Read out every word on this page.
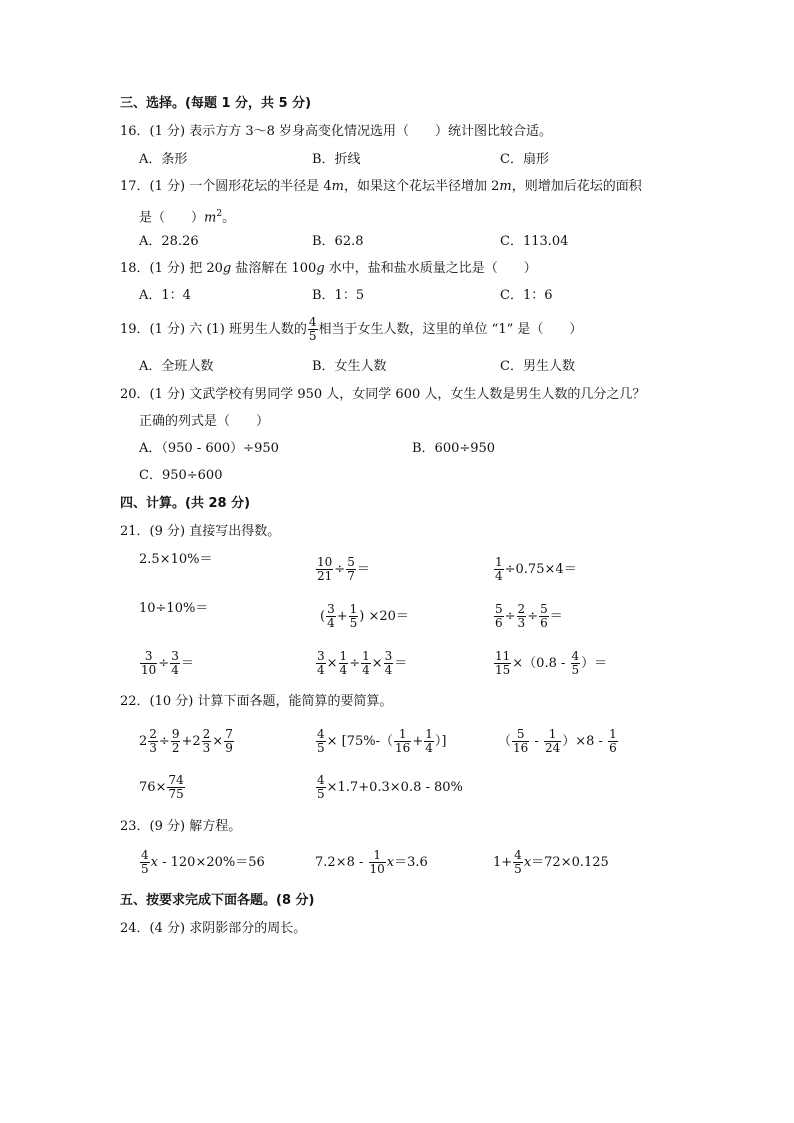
三、选择。(每题 1 分，共 5 分)
16．(1 分) 表示方方 3～8 岁身高变化情况选用（　　）统计图比较合适。
A．条形	B．折线	C．扇形
17．(1 分) 一个圆形花坛的半径是 4m，如果这个花坛半径增加 2m，则增加后花坛的面积
是（　　）$m^2$。
A．28.26	B．62.8	C．113.04
18．(1 分) 把 20g 盐溶解在 100g 水中，盐和盐水质量之比是（　　）
A．1：4	B．1：5	C．1：6
19．(1 分) 六 (1) 班男生人数的 $\frac{4}{5}$ 相当于女生人数，这里的单位 “1” 是（　　）
A．全班人数	B．女生人数	C．男生人数
20．(1 分) 文武学校有男同学 950 人，女同学 600 人，女生人数是男生人数的几分之几？
正确的列式是（　　）
A．（950 - 600）÷950	B．600÷950
C．950÷600
四、计算。(共 28 分)
21．(9 分) 直接写出得数。
2.5×10%＝	$\frac{10}{21} \div \frac{5}{7}$ ＝	$\frac{1}{4} \div 0.75\times 4=$
10÷10%＝
( $\frac{3}{4} + \frac{1}{5}$ ) ×20＝	$\frac{5}{6} \div \frac{2}{3} \div \frac{5}{6}$ ＝
$\frac{3}{10} \div \frac{3}{4}$ ＝	$\frac{3}{4} \times \frac{1}{4} \div \frac{1}{4} \times \frac{3}{4}$ ＝	$\frac{11}{15} \times(0.8 - \frac{4}{5}$ ）＝
22．(10 分) 计算下面各题，能简算的要简算。
$2 \frac{2}{3} \div \frac{9}{2} +2 \frac{2}{3} \times \frac{7}{9}$	$\frac{4}{5} \times [75\%-( \frac{1}{16} + \frac{1}{4}$ ）]	（ $\frac{5}{16} - \frac{1}{24} )\times 8 - \frac{1}{6}$
$76\times \frac{74}{75}$	$\frac{4}{5} \times 1.7+0.3\times 0.8 - 80\%$
23．(9 分) 解方程。
$\frac{4}{5}$ x - 120×20%＝56	$7.2\times 8 - \frac{1}{10} x=3.6$	$1+ \frac{4}{5} x=72\times 0.125$
五、按要求完成下面各题。(8 分)
24．(4 分) 求阴影部分的周长。
